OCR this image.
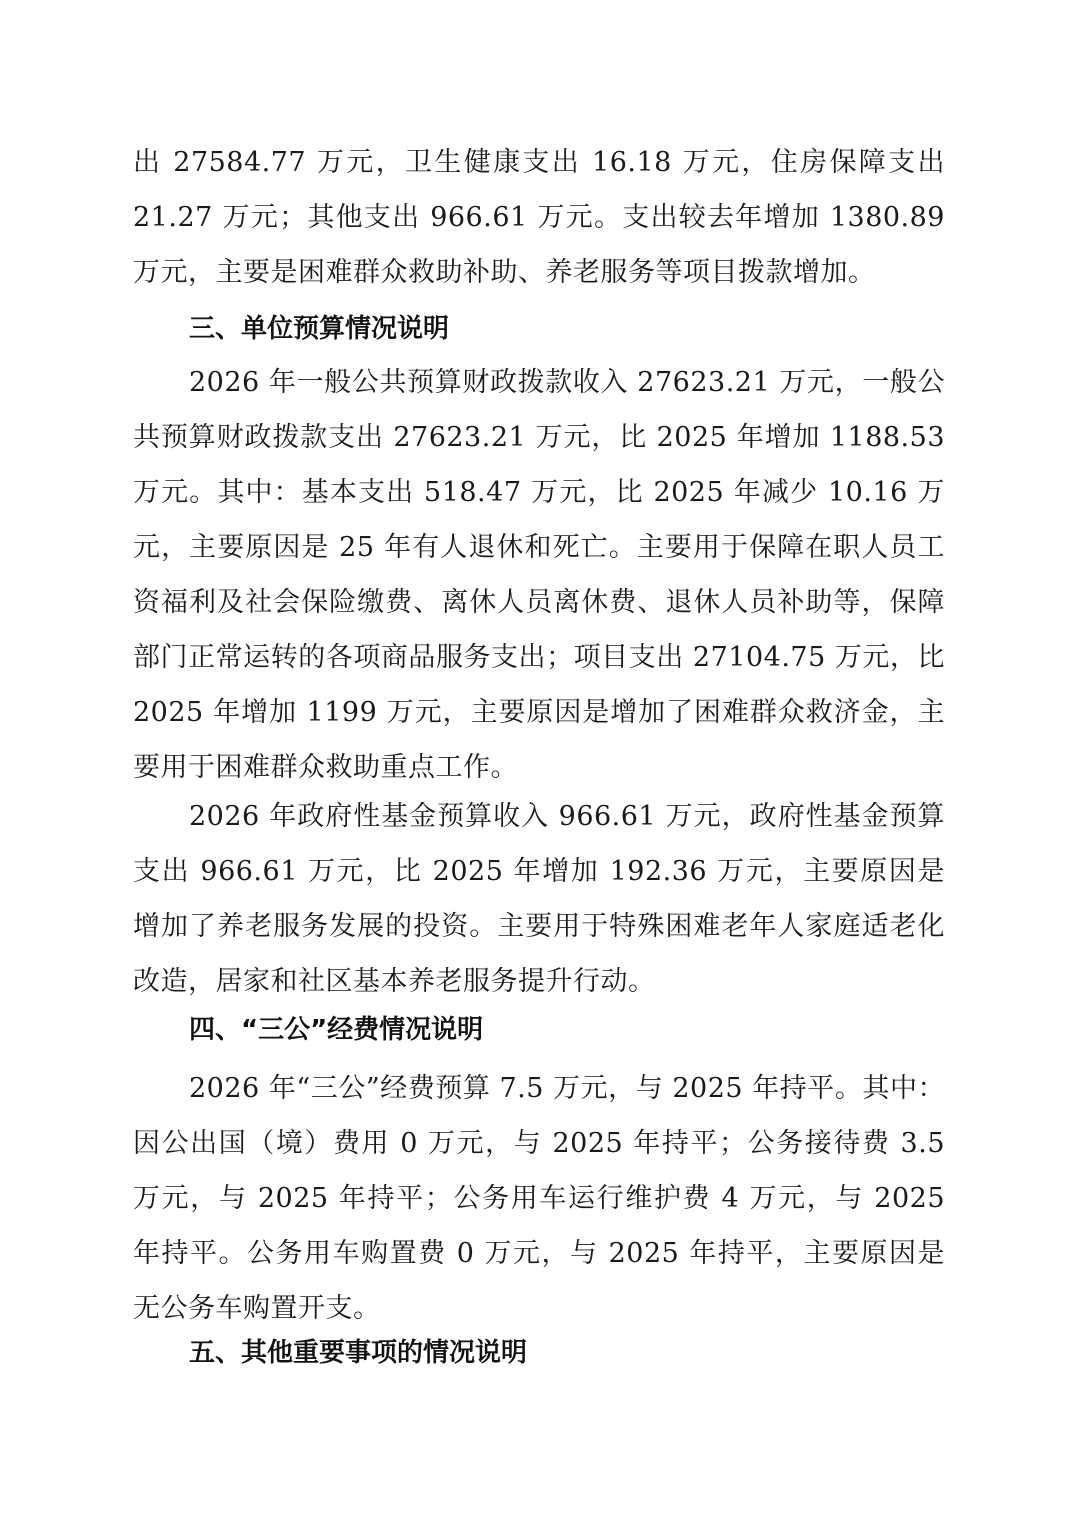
出 27584.77 万元，卫生健康支出 16.18 万元，住房保障支出 21.27 万元；其他支出 966.61 万元。支出较去年增加 1380.89 万元，主要是困难群众救助补助、养老服务等项目拨款增加。

三、单位预算情况说明

2026 年一般公共预算财政拨款收入 27623.21 万元，一般公共预算财政拨款支出 27623.21 万元，比 2025 年增加 1188.53 万元。其中：基本支出 518.47 万元，比 2025 年减少 10.16 万元，主要原因是 25 年有人退休和死亡。主要用于保障在职人员工资福利及社会保险缴费、离休人员离休费、退休人员补助等，保障部门正常运转的各项商品服务支出；项目支出 27104.75 万元，比 2025 年增加 1199 万元，主要原因是增加了困难群众救济金，主要用于困难群众救助重点工作。

2026 年政府性基金预算收入 966.61 万元，政府性基金预算支出 966.61 万元，比 2025 年增加 192.36 万元，主要原因是增加了养老服务发展的投资。主要用于特殊困难老年人家庭适老化改造，居家和社区基本养老服务提升行动。

四、“三公”经费情况说明

2026 年“三公”经费预算 7.5 万元，与 2025 年持平。其中：因公出国（境）费用 0 万元，与 2025 年持平；公务接待费 3.5 万元，与 2025 年持平；公务用车运行维护费 4 万元，与 2025 年持平。公务用车购置费 0 万元，与 2025 年持平，主要原因是无公务车购置开支。

五、其他重要事项的情况说明
